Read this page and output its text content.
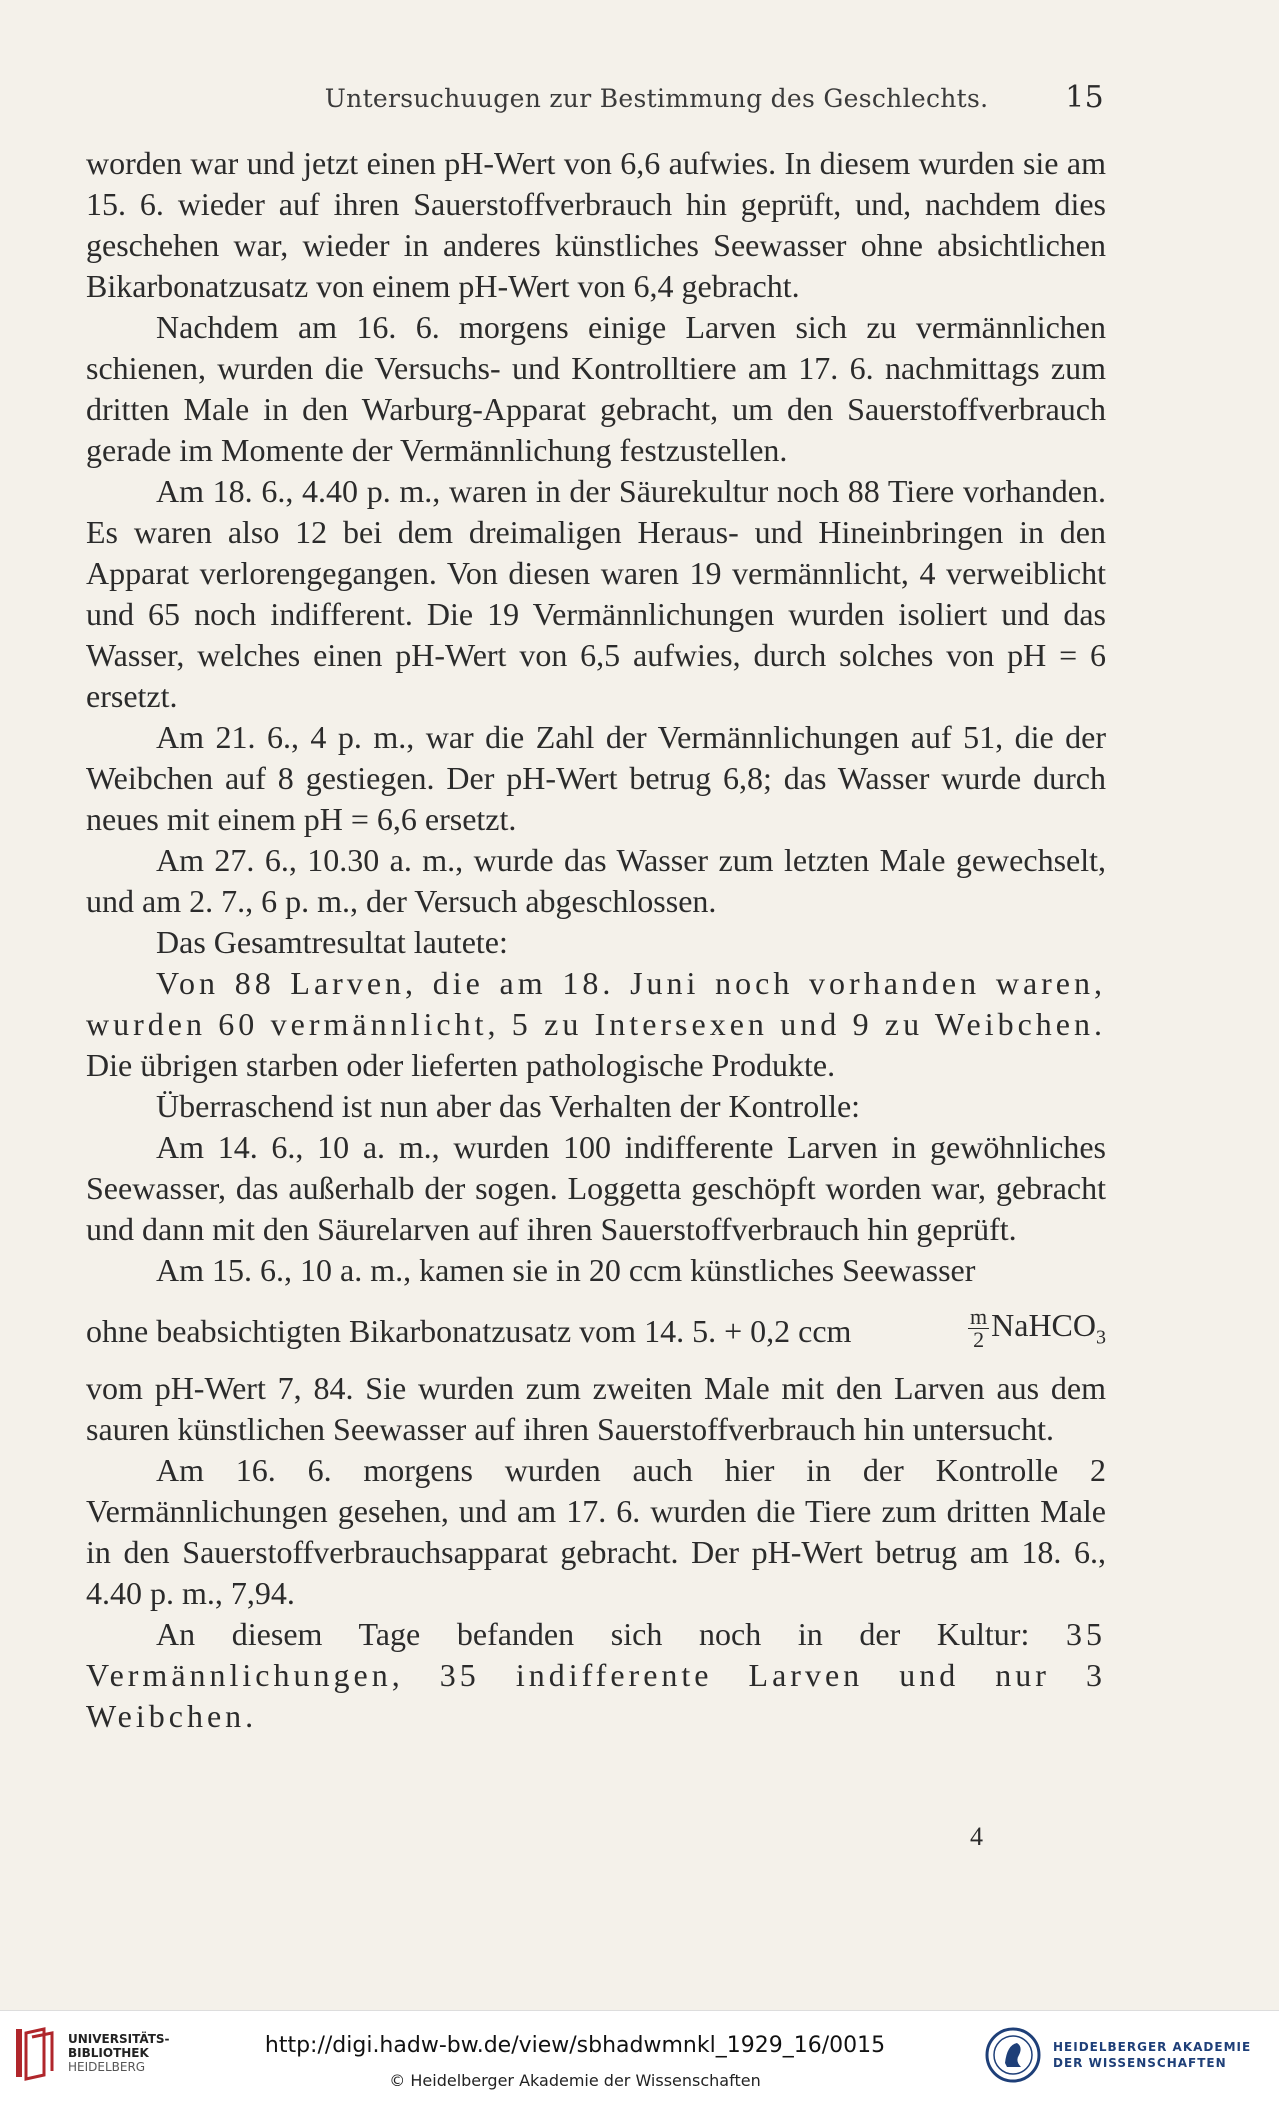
Untersuchuugen zur Bestimmung des Geschlechts.	15

worden war und jetzt einen pH-Wert von 6,6 aufwies. In diesem wurden sie am 15. 6. wieder auf ihren Sauerstoffverbrauch hin geprüft, und, nachdem dies geschehen war, wieder in anderes künstliches Seewasser ohne absichtlichen Bikarbonatzusatz von einem pH-Wert von 6,4 gebracht.

Nachdem am 16. 6. morgens einige Larven sich zu vermännlichen schienen, wurden die Versuchs- und Kontrolltiere am 17. 6. nachmittags zum dritten Male in den Warburg-Apparat gebracht, um den Sauerstoffverbrauch gerade im Momente der Vermännlichung festzustellen.

Am 18. 6., 4.40 p. m., waren in der Säurekultur noch 88 Tiere vorhanden. Es waren also 12 bei dem dreimaligen Heraus- und Hineinbringen in den Apparat verlorengegangen. Von diesen waren 19 vermännlicht, 4 verweiblicht und 65 noch indifferent. Die 19 Vermännlichungen wurden isoliert und das Wasser, welches einen pH-Wert von 6,5 aufwies, durch solches von pH = 6 ersetzt.

Am 21. 6., 4 p. m., war die Zahl der Vermännlichungen auf 51, die der Weibchen auf 8 gestiegen. Der pH-Wert betrug 6,8; das Wasser wurde durch neues mit einem pH = 6,6 ersetzt.

Am 27. 6., 10.30 a. m., wurde das Wasser zum letzten Male gewechselt, und am 2. 7., 6 p. m., der Versuch abgeschlossen.

Das Gesamtresultat lautete:

Von 88 Larven, die am 18. Juni noch vorhanden waren, wurden 60 vermännlicht, 5 zu Intersexen und 9 zu Weibchen. Die übrigen starben oder lieferten pathologische Produkte.

Überraschend ist nun aber das Verhalten der Kontrolle:

Am 14. 6., 10 a. m., wurden 100 indifferente Larven in gewöhnliches Seewasser, das außerhalb der sogen. Loggetta geschöpft worden war, gebracht und dann mit den Säurelarven auf ihren Sauerstoffverbrauch hin geprüft.

Am 15. 6., 10 a. m., kamen sie in 20 ccm künstliches Seewasser

ohne beabsichtigten Bikarbonatzusatz vom 14. 5. + 0,2 ccm	$\frac{m}{2}$ NaHCO$_3$

vom pH-Wert 7, 84. Sie wurden zum zweiten Male mit den Larven aus dem sauren künstlichen Seewasser auf ihren Sauerstoffverbrauch hin untersucht.

Am 16. 6. morgens wurden auch hier in der Kontrolle 2 Vermännlichungen gesehen, und am 17. 6. wurden die Tiere zum dritten Male in den Sauerstoffverbrauchsapparat gebracht. Der pH-Wert betrug am 18. 6., 4.40 p. m., 7,94.

An diesem Tage befanden sich noch in der Kultur: 35 Vermännlichungen, 35 indifferente Larven und nur 3 Weibchen.

4
UNIVERSITÄTS-
BIBLIOTHEK
HEIDELBERG
http://digi.hadw-bw.de/view/sbhadwmnkl_1929_16/0015
© Heidelberger Akademie der Wissenschaften
HEIDELBERGER AKADEMIE
DER WISSENSCHAFTEN
